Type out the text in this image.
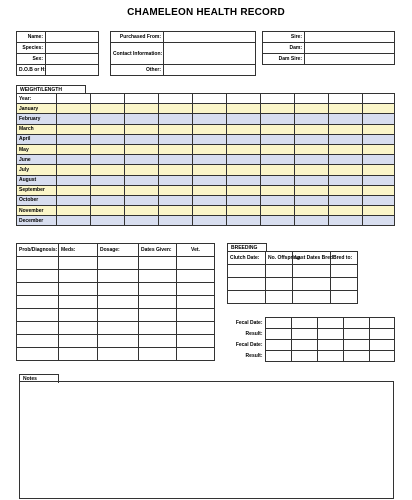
CHAMELEON HEALTH RECORD
Name:	
Species:	
Sex:	
D.O.B or H:	
Purchased From:	
Contact Information:	
Other:	
Sire:	
Dam:	
Dam Sire:	
WEIGHT/LENGTH
Year:										
January										
February										
March										
April										
May										
June										
July										
August										
September										
October										
November										
December										
Prob/Diagnosis:	Meds:	Dosage:	Dates Given:	Vet.

					BREEDING
Clutch Date:	No. Offspring	Last Dates Bred:	Bred to:

Fecal Date:					
Result:					
Fecal Date:					
Result:					
Notes
